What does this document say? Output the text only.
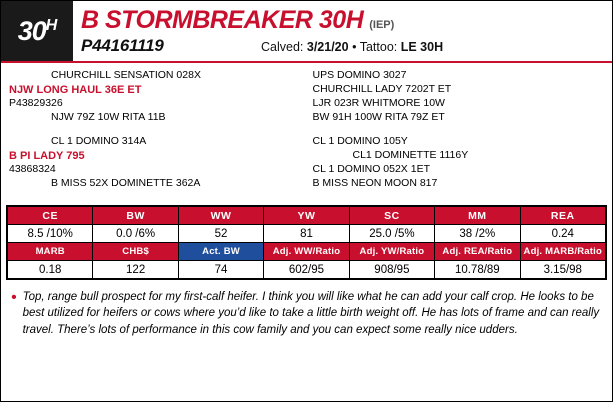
$30^H$ B STORMBREAKER 30H (IEP)
P44161119	Calved: 3/21/20 • Tattoo: LE 30H
CHURCHILL SENSATION 028X
NJW LONG HAUL 36E ET
P43829326
NJW 79Z 10W RITA 11B
CL 1 DOMINO 314A
B PI LADY 795
43868324
B MISS 52X DOMINETTE 362A
UPS DOMINO 3027
CHURCHILL LADY 7202T ET
LJR 023R WHITMORE 10W
BW 91H 100W RITA 79Z ET
CL 1 DOMINO 105Y
CL1 DOMINETTE 1116Y
CL 1 DOMINO 052X 1ET
B MISS NEON MOON 817
CE	BW	WW	YW	SC	MM	REA
8.5 /10%	0.0 /6%	52	81	25.0 /5%	38 /2%	0.24
MARB	CHB$	Act. BW	Adj. WW/Ratio	Adj. YW/Ratio	Adj. REA/Ratio	Adj. MARB/Ratio
0.18	122	74	602/95	908/95	10.78/89	3.15/98
• Top, range bull prospect for my first-calf heifer. I think you will like what he can add your calf crop. He looks to be best utilized for heifers or cows where you’d like to take a little birth weight off. He has lots of frame and can really travel. There’s lots of performance in this cow family and you can expect some really nice udders.
